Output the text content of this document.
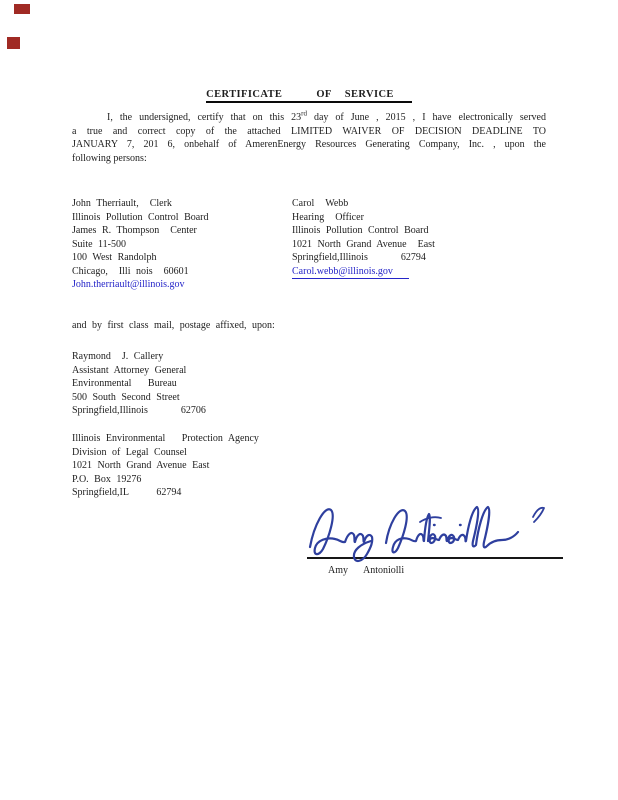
CERTIFICATE	OF SERVICE
I, the undersigned, certify that on this 23rd day of June , 2015 , I have electronically served
a true and correct copy of the attached LIMITED WAIVER OF DECISION DEADLINE TO
JANUARY 7, 201 6, onbehalf of AmerenEnergy Resources Generating Company, Inc. , upon the
following persons:
John Therriault,  Clerk
Illinois Pollution Control Board
James R. Thompson  Center
Suite 11-500
100 West Randolph
Chicago,  Illi nois  60601
John.therriault@illinois.gov
Carol  Webb
Hearing  Officer
Illinois Pollution Control Board
1021 North Grand Avenue  East
Springfield,Illinois      62794
Carol.webb@illinois.gov
and by first class mail, postage affixed, upon:
Raymond  J. Callery
Assistant Attorney General
Environmental   Bureau
500 South Second Street
Springfield,Illinois      62706
Illinois Environmental   Protection Agency
Division of Legal Counsel
1021 North Grand Avenue East
P.O. Box 19276
Springfield,IL     62794
Amy  Antoniolli
